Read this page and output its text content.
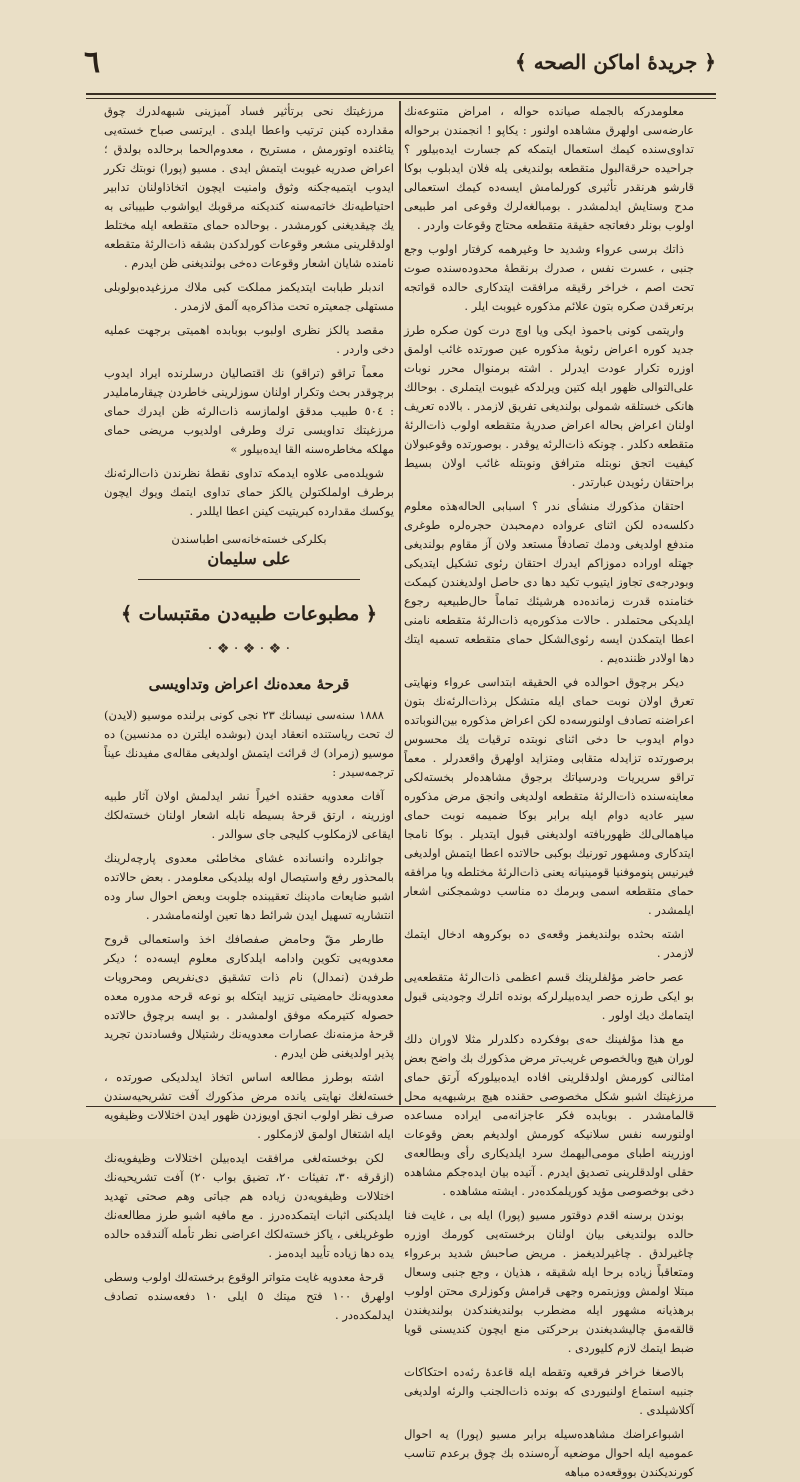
٦	﴿ جريدهٔ اماكن الصحه ﴾

معلومدركه بالجمله صيانده حواله ، امراض متنوعه‌نك عارضه‌سى اولهرق مشاهده اولنور : يكاپو ! انجمندن برحواله تداوى‌سنده كيمك استعمال ايتمكه كم جسارت ايده‌بيلور ؟ جراحيده حرقة‌البول متقطعه بولنديغى يله فلان ايدبلوب بوكا قارشو هرنقدر تأثيرى كورلمامش ايسه‌ده كيمك استعمالى مدح وستايش ايدلمشدر . بومبالغه‌لرك وقوعى امر طبيعى اولوب بونلر دفعاتجه حقيقة متقطعه محتاج وقوعات واردر .

ذاتك برسى عرواء وشديد حا وغيرهمه كرفتار اولوب وجع جنبى ، عسرت نفس ، صدرك برنقطهٔ محدوده‌سنده صوت تحت اصم ، خراخر رقيقه مرافقت ايتدكارى حالده قواتجه برتعرقدن صكره بتون علائم مذكوره غيوبت ايلر .

واريتمى كونى باحموذ ايكى ويا اوچ درت كون صكره طرز جديد كوره اعراض رئويهٔ مذكوره عين صورتده غائب اولمق اوزره تكرار عودت ايدرلر . اشته برمنوال محرر نوبات على‌التوالى ظهور ايله كتين ويرلدكه غيوبت ايتملرى . بوحالك هانكى خستلقه شمولى بولنديغى تفريق لازمدر . بالاده تعريف اولنان اعراض بحاله اعراض صدريهٔ متقطعه اولوب ذات‌الرئهٔ متقطعه دكلدر . چونكه ذات‌الرئه يوقدر . بوصورتده وقوعبولان كيفيت اتجق نوبتله مترافق ونوبتله غائب اولان بسيط براحتقان رئويدن عبارتدر .

احتقان مذكورك منشأى ندر ؟ اسبابى الحاله‌هذه معلوم دكلسه‌ده لكن اثناى عرواده دم‌محبدن حجره‌لره طوغرى مندفع اولديغى ودمك تصادفاً مستعد ولان آز مقاوم بولنديغى جهتله اوراده دموزاكم ايدرك احتقان رئوى تشكيل ايتديكى وبودرجه‌ى تجاوز ايتيوب تكيد دها دى حاصل اولديغندن كيمكت خنامنده قدرت زمانده‌ده هرشيئك تماماً حال‌طبيعيه رجوع ايلديكى محتملدر . حالات مذكوره‌يه ذات‌الرئهٔ متقطعه نامنى اعطا ايتمكدن ايسه رئوى‌الشكل حماى متقطعه تسميه ايتك دها اولادر ظننده‌يم .

ديكر برچوق احوالده في الحقيقه ابتداسى عرواء ونهايتى تعرق اولان نوبت حماى ايله متشكل برذات‌الرئه‌نك بتون اعراضنه تصادف اولنورسه‌ده لكن اعراض مذكوره بين‌النوباتده دوام ايدوب حا دخى اثناى نوبتده ترقيات يك محسوس برصورتده تزايدله متقابى ومتزايد اولهرق واقعدرلر . معماً تراقو سريريات ودرسياتك برجوق مشاهده‌لر بخسته‌لكى معاينه‌سنده ذات‌الرئهٔ متقطعه اولديغى وانجق مرض مذكوره سير عاديه دوام ايله برابر بوكا ضميمه نوبت حماى مياهمالى‌لك ظهوربافته اولديغنى قبول ايتديلر . بوكا نامجا ايتدكارى ومشهور تورنيك بوكبى حالاتده اعطا ايتمش اولديغى فيرنيس پنوموفنيا قومينيانه يعنى ذات‌الرئهٔ مختلطه ويا مرافقه حماى متقطعه اسمى وبرمك ده مناسب دوشمجكنى اشعار ايلمشدر .

اشته بحثده بولنديغمز وقعه‌ى ده بوكروهه ادخال ايتمك لازمدر .

عصر حاضر مؤلفلرينك قسم اعظمى ذات‌الرئهٔ متقطعه‌يى بو ايكى طرزه حصر ايده‌بيلرلركه بونده اتلرك وجودينى قبول ايتمامك ديك اولور .

مع هذا مؤلفينك حه‌ى بوفكرده دكلدرلر مثلا لاوران دلك لوران هيچ وبالخصوص غريب‌تر مرض مذكورك بك واضح بعض امثالنى كورمش اولدقلرينى افاده ايده‌بيلوركه آرتق حماى مرزغيتك اشبو شكل مخصوصى حقنده هيچ برشبهه‌يه محل قالمامشدر . بوبابده فكر عاجزانه‌مى ايراده مساعده اولنورسه نفس سلانيكه كورمش اولديغم بعض وقوعات اوزرينه اطباى مومى‌اليهمك سرد ايلديكارى رأى وبطالعه‌ى حقلى اولدقلرينى تصديق ايدرم . آتيده بيان ايده‌جكم مشاهده دخى بوخصوصى مؤيد كوريلمكده‌در . ايشته مشاهده .

بوندن برسنه اقدم دوقتور مسيو (پورا) ايله بى ، غايت فنا حالده بولنديغى بيان اولنان برخسته‌يى كورمك اوزره چاغيرلدق . چاغيرلديغمز . مريض صاحبش شديد برعرواء ومتعاقباً زياده برحا ايله شقيقه ، هذيان ، وجع جنبى وسعال مبتلا اولمش ووزبتمره وجهى قرامش وكوزلرى محتن اولوب برهذيانه مشهور ايله مضطرب بولنديغندكدن بولنديغندن قالقه‌مق چاليشديغندن برحركتى منع ايچون كنديسنى قويا ضبط ايتمك لازم كليوردى .

بالاصغا خراخر فرقعيه وتقطه ايله قاعدهٔ رئه‌ده احتكاكات جنبيه استماع اولنيوردى كه بونده ذات‌الجنب والرئه اولديغى آكلاشيلدى .

اشبواعراضك مشاهده‌سيله برابر مسيو (پورا) يه احوال عموميه ايله احوال موضعيه آره‌سنده بك چوق برعدم تناسب كورنديكندن بووقعه‌ده مباهه

مرزغيتك نحى برتأثير فساد آميزينى شبهه‌لدرك چوق مقدارده كينن ترتيب واعطا ايلدى . ايرتسى صباح خسته‌يى يتاغنده اوتورمش ، مستريح ، معدوم‌الحما برحالده بولدق ؛ اعراض صدريه غيوبت ايتمش ايدى . مسيو (پورا) نوبتك تكرر ايدوب ايتميه‌جكنه وثوق وامنيت ايچون اتخاذاولنان تدابير احتياطيه‌نك خاتمه‌سنه كنديكنه مرقوبك ايواشوب طبيباتى به يك چيقديغنى كورمشدر . بوحالده حماى متقطعه ايله مختلط اولدقلرينى مشعر وقوعات كورلدكدن بشقه ذات‌الرئهٔ متقطعه نامنده شايان اشعار وقوعات ده‌خى بولنديغنى ظن ايدرم .

اندبلر طبابت ايتديكمز مملكت كبى ملاك مرزغيده‌بولوبلى مستهلى جمعيتره تحت مذاكره‌يه آلمق لازمدر .

مقصد يالكز نظرى اولبوب بوبابده اهميتى برجهت عمليه دخى واردر .

معماً تراقو (تراقو) نك اقتصاليان درسلرنده ايراد ايدوب برچوقدر بحث وتكرار اولنان سوزلرينى خاطردن چيقارمامليدر : ٥٠٤ طبيب مدقق اولمازسه ذات‌الرئه ظن ايدرك حماى مرزغيتك تداويسى ترك وطرفى اولديوب مريضى حماى مهلكه مخاطره‌سنه القا ايده‌بيلور »

شويلده‌مى علاوه ايدمكه تداوى نقطهٔ نظرندن ذات‌الرئه‌نك برطرف اولملكتولن يالكز حماى تداوى ايتمك ويوك ايچون يوكسك مقدارده كبريتيت كينن اعطا ايللدر .

بكلركى خسته‌خانه‌سى اطباسندن
على سليمان
﴿ مطبوعات طبيه‌دن مقتبسات ﴾
· ❖ · ❖ · ❖ ·
قرحهٔ معده‌نك اعراض وتداويسى

١٨٨٨ سنه‌سى نيسانك ٢٣ نجى كونى برلنده موسيو (لايدن) ك تحت رياستنده انعقاد ايدن (بوشده ايلترن ده مدنسين) ده موسيو (زمراد) ك قرائت ايتمش اولديغى مقاله‌ى مفيدنك عيناً ترجمه‌سيدر :

آفات معدويه حقنده اخيراً نشر ايدلمش اولان آثار طبيه اوزرينه ، ارتق قرحهٔ بسيطه نابله اشعار اولنان خسته‌لكك ايقاعى لازمكلوب كليجى جاى سوالدر .

جوانلرده وانسانده غشاى مخاطئى معدوى پارچه‌لرينك بالمحذور رفع واستيصال اوله بيلديكى معلومدر . بعض حالاتده اشبو ضايعات مادينك تعقيبنده جلوبت وبعض احوال سار وده انتشاريه تسهيل ايدن شرائط دها تعين اولنه‌مامشدر .

طارطر مقّ وحامض صفصافك اخذ واستعمالى قروح معدويه‌يى تكوين وادامه ايلدكارى معلوم ايسه‌ده ؛ ديكر طرفدن (نمدال) نام ذات تشقيق دى‌نفريص ومحرويات معدويه‌نك حامضيتى تزييد ايتكله بو نوعه قرحه مدوره معده حصوله كتيرمكه موفق اولمشدر . بو ايسه برچوق حالاتده قرحهٔ مزمنه‌نك عصارات معدويه‌نك رشتيلال وفسادندن تجريد پذير اولديغنى ظن ايدرم .

اشته بوطرز مطالعه اساس اتخاذ ايدلديكى صورتده ، خسته‌لغك نهايتى يانده مرض مذكورك آفت تشريحيه‌سندن صرف نظر اولوب انجق اويوزدن ظهور ايدن اختلالات وظيفويه ايله اشتغال اولمق لازمكلور .

لكن بوخسته‌لغى مرافقت ايده‌بيلن اختلالات وظيفويه‌نك (ازقرقه ٣٠، تفيئات ٢٠، تضيق بواب ٢٠) آفت تشريحيه‌نك اختلالات وظيفويه‌دن زياده هم جباتى وهم صحتى تهديد ايلديكنى اثبات ايتمكده‌درز . مع مافيه اشبو طرز مطالعه‌نك طوغريلغى ، ياكز خسته‌لكك اعراضى نظر تأمله آلندقده حالده يده دها زياده تأييد ايده‌مز .

قرحهٔ معدويه غايت متواتر الوقوع برخسته‌لك اولوب وسطى اولهرق ١٠٠ فتح ميتك ٥ ايلى ١٠ دفعه‌سنده تصادف ايدلمكده‌در .
